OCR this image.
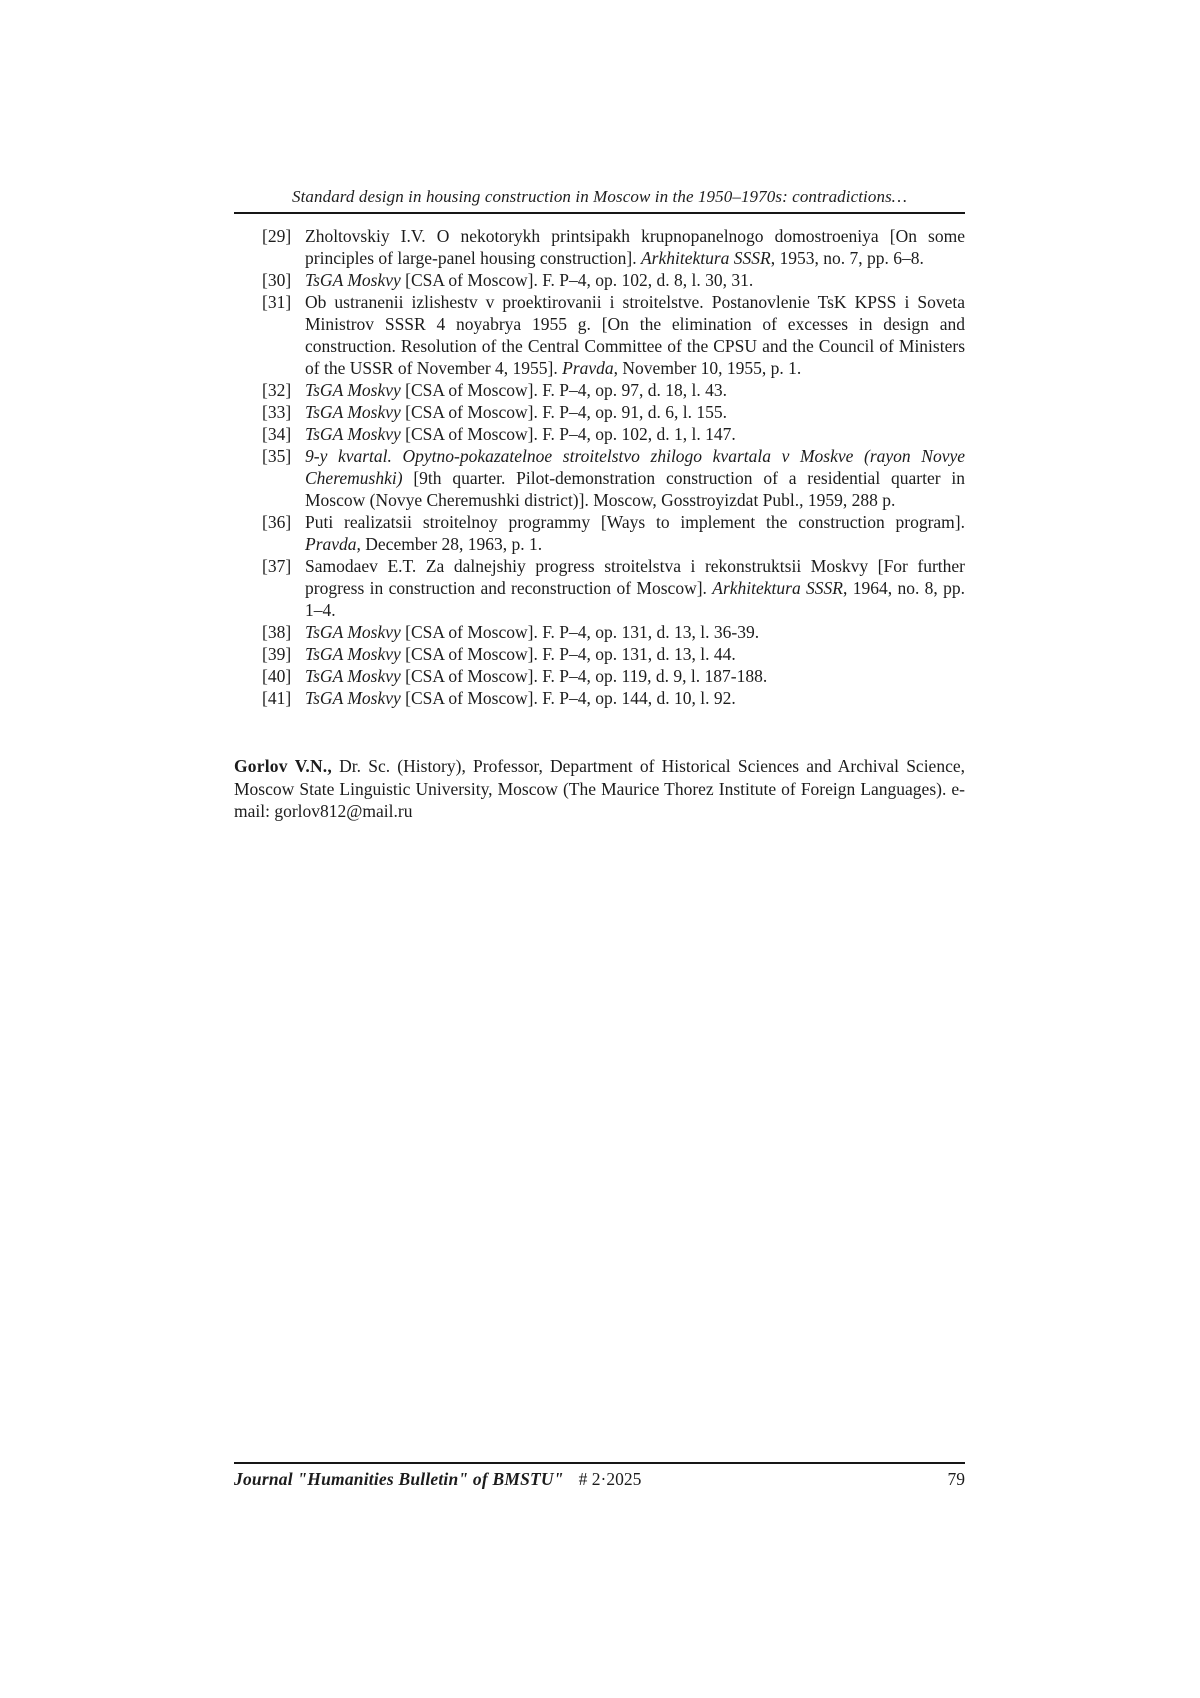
Standard design in housing construction in Moscow in the 1950–1970s: contradictions…
[29] Zholtovskiy I.V. O nekotorykh printsipakh krupnopanelnogo domostroeniya [On some principles of large-panel housing construction]. Arkhitektura SSSR, 1953, no. 7, pp. 6–8.

[30] TsGA Moskvy [CSA of Moscow]. F. P–4, op. 102, d. 8, l. 30, 31.

[31] Ob ustranenii izlishestv v proektirovanii i stroitelstve. Postanovlenie TsK KPSS i Soveta Ministrov SSSR 4 noyabrya 1955 g. [On the elimination of excesses in design and construction. Resolution of the Central Committee of the CPSU and the Council of Ministers of the USSR of November 4, 1955]. Pravda, November 10, 1955, p. 1.

[32] TsGA Moskvy [CSA of Moscow]. F. P–4, op. 97, d. 18, l. 43.

[33] TsGA Moskvy [CSA of Moscow]. F. P–4, op. 91, d. 6, l. 155.

[34] TsGA Moskvy [CSA of Moscow]. F. P–4, op. 102, d. 1, l. 147.

[35] 9-y kvartal. Opytno-pokazatelnoe stroitelstvo zhilogo kvartala v Moskve (rayon Novye Cheremushki) [9th quarter. Pilot-demonstration construction of a residential quarter in Moscow (Novye Cheremushki district)]. Moscow, Gosstroyizdat Publ., 1959, 288 p.

[36] Puti realizatsii stroitelnoy programmy [Ways to implement the construction program]. Pravda, December 28, 1963, p. 1.

[37] Samodaev E.T. Za dalnejshiy progress stroitelstva i rekonstruktsii Moskvy [For further progress in construction and reconstruction of Moscow]. Arkhitektura SSSR, 1964, no. 8, pp. 1–4.

[38] TsGA Moskvy [CSA of Moscow]. F. P–4, op. 131, d. 13, l. 36-39.

[39] TsGA Moskvy [CSA of Moscow]. F. P–4, op. 131, d. 13, l. 44.

[40] TsGA Moskvy [CSA of Moscow]. F. P–4, op. 119, d. 9, l. 187-188.

[41] TsGA Moskvy [CSA of Moscow]. F. P–4, op. 144, d. 10, l. 92.

Gorlov V.N., Dr. Sc. (History), Professor, Department of Historical Sciences and Archival Science, Moscow State Linguistic University, Moscow (The Maurice Thorez Institute of Foreign Languages). e-mail: gorlov812@mail.ru

Journal "Humanities Bulletin" of BMSTU" # 2·2025	79
